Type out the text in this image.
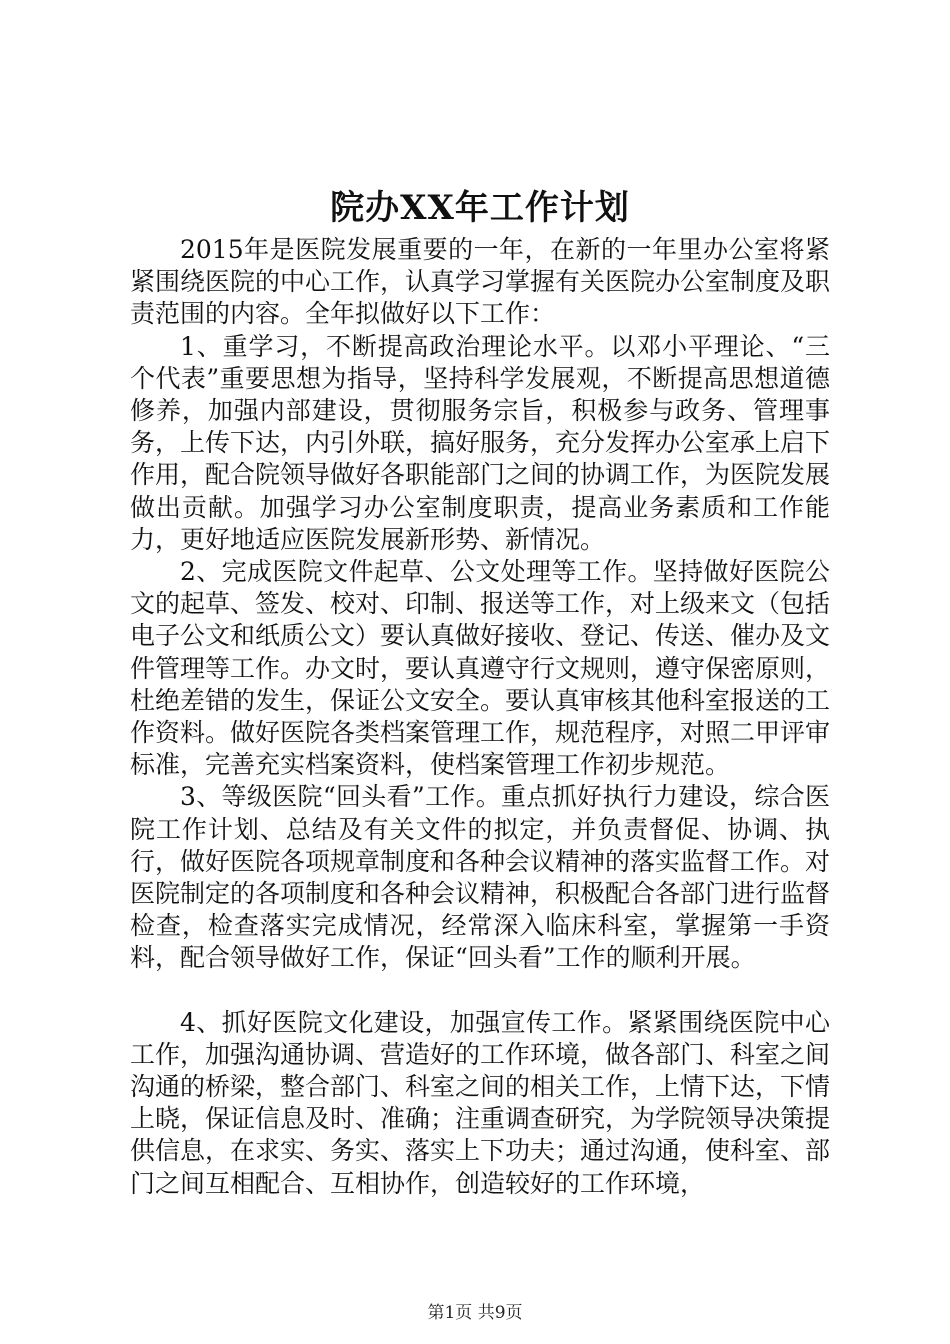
院办XX年工作计划

2015年是医院发展重要的一年，在新的一年里办公室将紧紧围绕医院的中心工作，认真学习掌握有关医院办公室制度及职责范围的内容。全年拟做好以下工作：

1、重学习，不断提高政治理论水平。以邓小平理论、“三个代表”重要思想为指导，坚持科学发展观，不断提高思想道德修养，加强内部建设，贯彻服务宗旨，积极参与政务、管理事务，上传下达，内引外联，搞好服务，充分发挥办公室承上启下作用，配合院领导做好各职能部门之间的协调工作，为医院发展做出贡献。加强学习办公室制度职责，提高业务素质和工作能力，更好地适应医院发展新形势、新情况。

2、完成医院文件起草、公文处理等工作。坚持做好医院公文的起草、签发、校对、印制、报送等工作，对上级来文（包括电子公文和纸质公文）要认真做好接收、登记、传送、催办及文件管理等工作。办文时，要认真遵守行文规则，遵守保密原则，杜绝差错的发生，保证公文安全。要认真审核其他科室报送的工作资料。做好医院各类档案管理工作，规范程序，对照二甲评审标准，完善充实档案资料，使档案管理工作初步规范。

3、等级医院“回头看”工作。重点抓好执行力建设，综合医院工作计划、总结及有关文件的拟定，并负责督促、协调、执行，做好医院各项规章制度和各种会议精神的落实监督工作。对医院制定的各项制度和各种会议精神，积极配合各部门进行监督检查，检查落实完成情况，经常深入临床科室，掌握第一手资料，配合领导做好工作，保证“回头看”工作的顺利开展。

4、抓好医院文化建设，加强宣传工作。紧紧围绕医院中心工作，加强沟通协调、营造好的工作环境，做各部门、科室之间沟通的桥梁，整合部门、科室之间的相关工作，上情下达，下情上晓，保证信息及时、准确；注重调查研究，为学院领导决策提供信息，在求实、务实、落实上下功夫；通过沟通，使科室、部门之间互相配合、互相协作，创造较好的工作环境，

第1页 共9页
